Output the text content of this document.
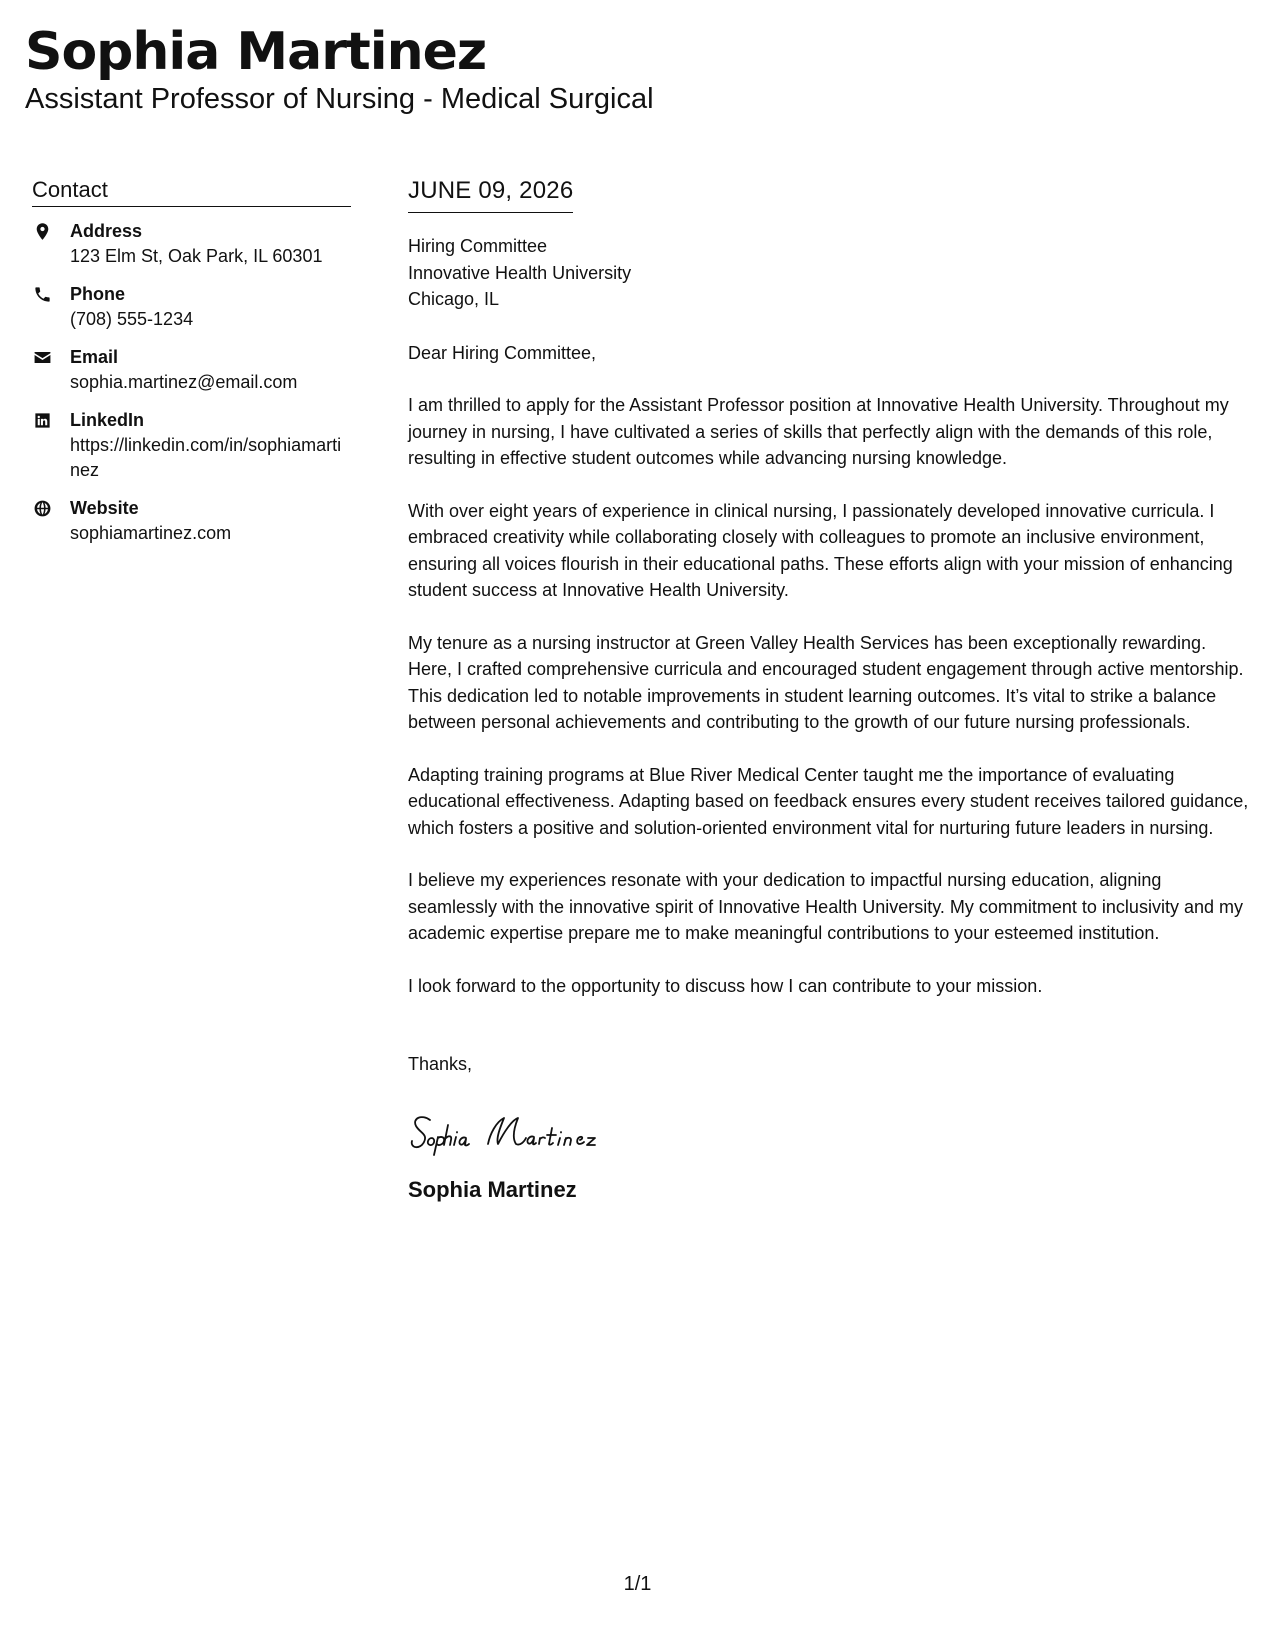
Sophia Martinez
Assistant Professor of Nursing - Medical Surgical
Contact
Address
123 Elm St, Oak Park, IL 60301
Phone
(708) 555-1234
Email
sophia.martinez@email.com
LinkedIn
https://linkedin.com/in/sophiamartinez
Website
sophiamartinez.com
JUNE 09, 2026
Hiring Committee
Innovative Health University
Chicago, IL
Dear Hiring Committee,

I am thrilled to apply for the Assistant Professor position at Innovative Health University. Throughout my journey in nursing, I have cultivated a series of skills that perfectly align with the demands of this role, resulting in effective student outcomes while advancing nursing knowledge.

With over eight years of experience in clinical nursing, I passionately developed innovative curricula. I embraced creativity while collaborating closely with colleagues to promote an inclusive environment, ensuring all voices flourish in their educational paths. These efforts align with your mission of enhancing student success at Innovative Health University.

My tenure as a nursing instructor at Green Valley Health Services has been exceptionally rewarding. Here, I crafted comprehensive curricula and encouraged student engagement through active mentorship. This dedication led to notable improvements in student learning outcomes. It’s vital to strike a balance between personal achievements and contributing to the growth of our future nursing professionals.

Adapting training programs at Blue River Medical Center taught me the importance of evaluating educational effectiveness. Adapting based on feedback ensures every student receives tailored guidance, which fosters a positive and solution-oriented environment vital for nurturing future leaders in nursing.

I believe my experiences resonate with your dedication to impactful nursing education, aligning seamlessly with the innovative spirit of Innovative Health University. My commitment to inclusivity and my academic expertise prepare me to make meaningful contributions to your esteemed institution.

I look forward to the opportunity to discuss how I can contribute to your mission.

Thanks,
Sophia Martinez
1/1
